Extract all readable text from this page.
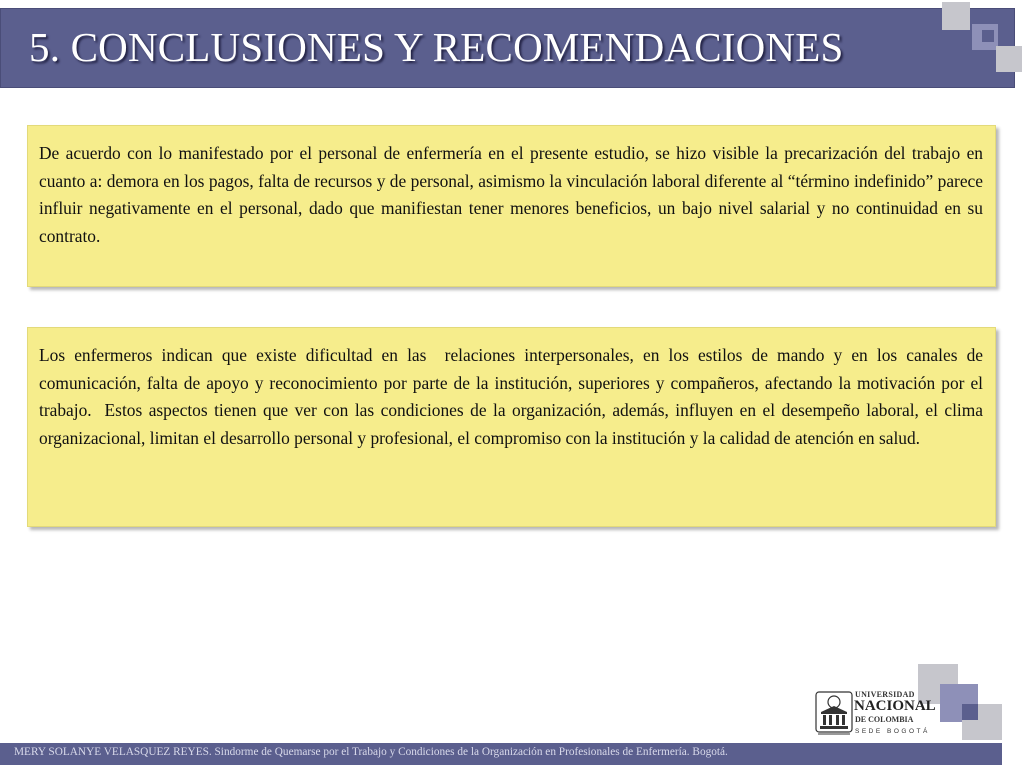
5. CONCLUSIONES Y RECOMENDACIONES

De acuerdo con lo manifestado por el personal de enfermería en el presente estudio, se hizo visible la precarización del trabajo en cuanto a: demora en los pagos, falta de recursos y de personal, asimismo la vinculación laboral diferente al “término indefinido” parece influir negativamente en el personal, dado que manifiestan tener menores beneficios, un bajo nivel salarial y no continuidad en su contrato.

Los enfermeros indican que existe dificultad en las  relaciones interpersonales, en los estilos de mando y en los canales de comunicación, falta de apoyo y reconocimiento por parte de la institución, superiores y compañeros, afectando la motivación por el trabajo.  Estos aspectos tienen que ver con las condiciones de la organización, además, influyen en el desempeño laboral, el clima organizacional, limitan el desarrollo personal y profesional, el compromiso con la institución y la calidad de atención en salud.

UNIVERSIDAD
NACIONAL
DE COLOMBIA
SEDE BOGOTÁ
MERY SOLANYE VELASQUEZ REYES. Sindorme de Quemarse por el Trabajo y Condiciones de la Organización en Profesionales de Enfermería. Bogotá.
